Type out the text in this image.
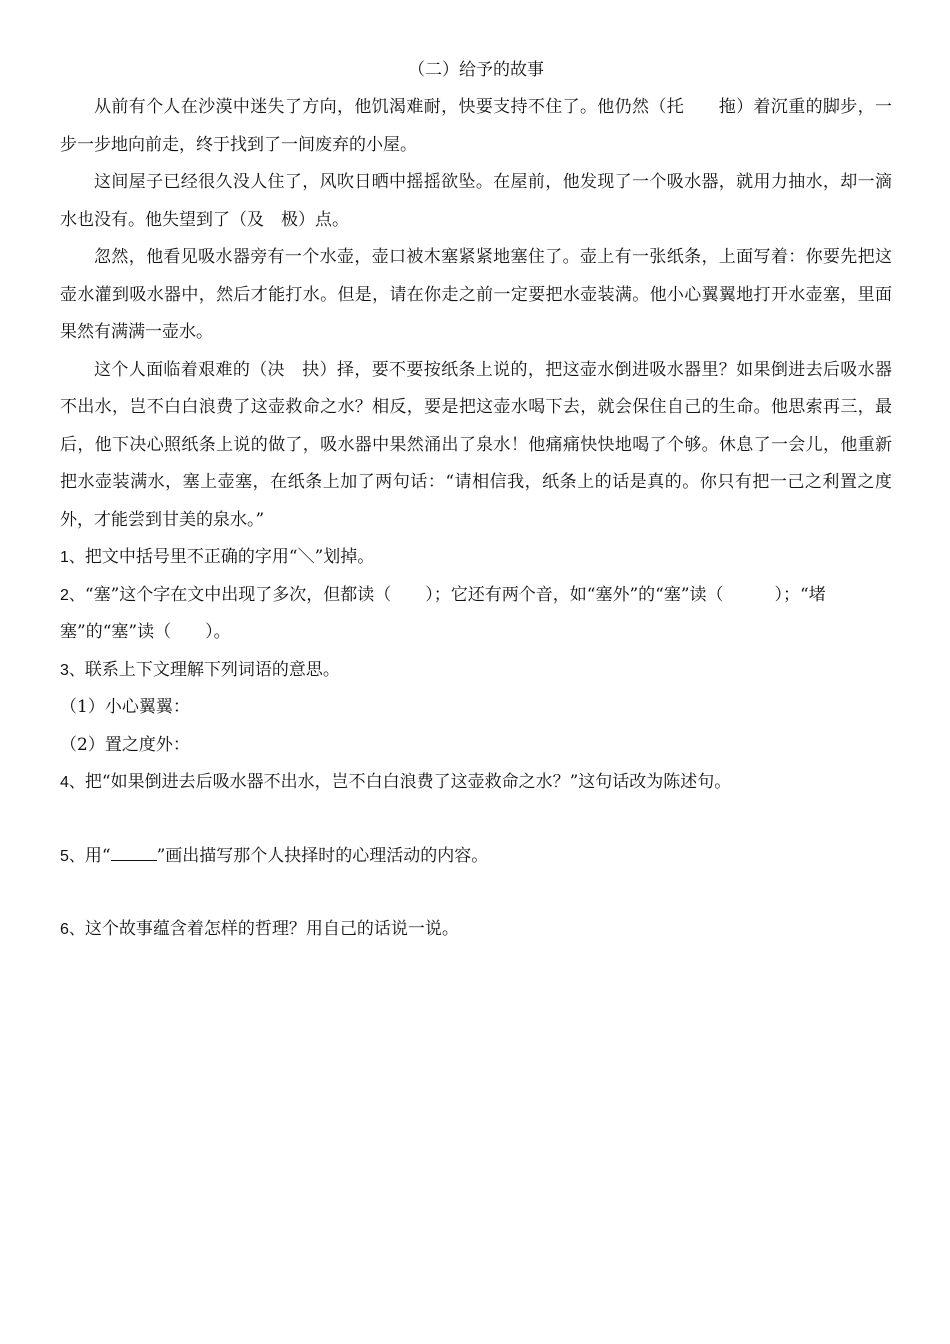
（二）给予的故事

从前有个人在沙漠中迷失了方向，他饥渴难耐，快要支持不住了。他仍然（托　　拖）着沉重的脚步，一步一步地向前走，终于找到了一间废弃的小屋。

这间屋子已经很久没人住了，风吹日晒中摇摇欲坠。在屋前，他发现了一个吸水器，就用力抽水，却一滴水也没有。他失望到了（及　极）点。

忽然，他看见吸水器旁有一个水壶，壶口被木塞紧紧地塞住了。壶上有一张纸条，上面写着：你要先把这壶水灌到吸水器中，然后才能打水。但是，请在你走之前一定要把水壶装满。他小心翼翼地打开水壶塞，里面果然有满满一壶水。

这个人面临着艰难的（决　抉）择，要不要按纸条上说的，把这壶水倒进吸水器里？如果倒进去后吸水器不出水，岂不白白浪费了这壶救命之水？相反，要是把这壶水喝下去，就会保住自己的生命。他思索再三，最后，他下决心照纸条上说的做了，吸水器中果然涌出了泉水！他痛痛快快地喝了个够。休息了一会儿，他重新把水壶装满水，塞上壶塞，在纸条上加了两句话：“请相信我，纸条上的话是真的。你只有把一己之利置之度外，才能尝到甘美的泉水。”

1、把文中括号里不正确的字用“＼”划掉。

2、“塞”这个字在文中出现了多次，但都读（　　）；它还有两个音，如“塞外”的“塞”读（　　　）；“堵塞”的“塞”读（　　）。

3、联系上下文理解下列词语的意思。

（1）小心翼翼：

（2）置之度外：

4、把“如果倒进去后吸水器不出水，岂不白白浪费了这壶救命之水？”这句话改为陈述句。

5、用“	”画出描写那个人抉择时的心理活动的内容。

6、这个故事蕴含着怎样的哲理？用自己的话说一说。
